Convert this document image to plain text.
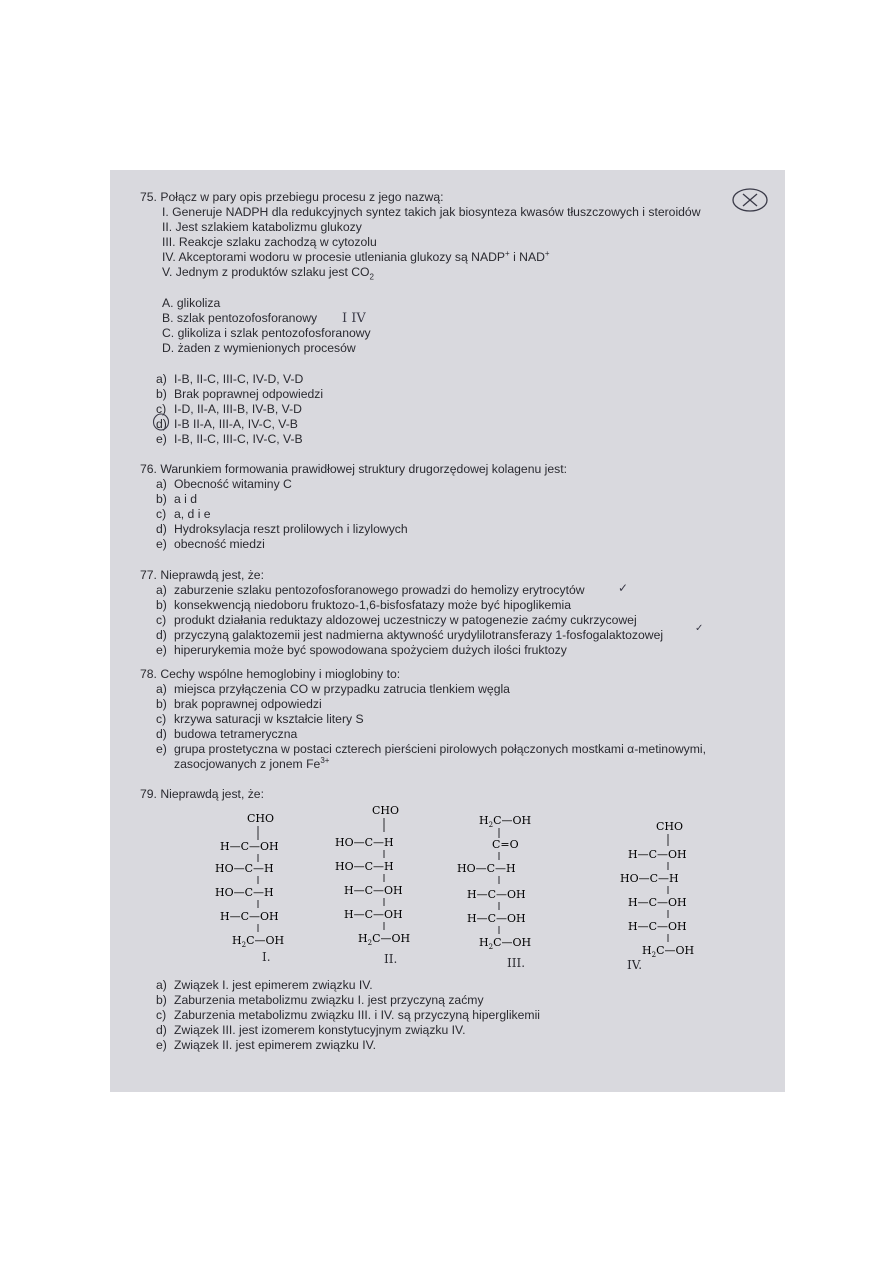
75. Połącz w pary opis przebiegu procesu z jego nazwą:
I. Generuje NADPH dla redukcyjnych syntez takich jak biosynteza kwasów tłuszczowych i steroidów
II. Jest szlakiem katabolizmu glukozy
III. Reakcje szlaku zachodzą w cytozolu
IV. Akceptorami wodoru w procesie utleniania glukozy są NADP+ i NAD+
V. Jednym z produktów szlaku jest $CO_2$
A. glikoliza
B. szlak pentozofosforanowy
C. glikoliza i szlak pentozofosforanowy
D. żaden z wymienionych procesów
a) I-B, II-C, III-C, IV-D, V-D
b) Brak poprawnej odpowiedzi
c) I-D, II-A, III-B, IV-B, V-D
d) I-B II-A, III-A, IV-C, V-B
e) I-B, II-C, III-C, IV-C, V-B
I IV
76. Warunkiem formowania prawidłowej struktury drugorzędowej kolagenu jest:
a) Obecność witaminy C
b) a i d
c) a, d i e
d) Hydroksylacja reszt prolilowych i lizylowych
e) obecność miedzi
77. Nieprawdą jest, że:
a) zaburzenie szlaku pentozofosforanowego prowadzi do hemolizy erytrocytów
b) konsekwencją niedoboru fruktozo-1,6-bisfosfatazy może być hipoglikemia
c) produkt działania reduktazy aldozowej uczestniczy w patogenezie zaćmy cukrzycowej
d) przyczyną galaktozemii jest nadmierna aktywność urydylilotransferazy 1-fosfogalaktozowej
e) hiperurykemia może być spowodowana spożyciem dużych ilości fruktozy
✓
✓
78. Cechy wspólne hemoglobiny i mioglobiny to:
a) miejsca przyłączenia CO w przypadku zatrucia tlenkiem węgla
b) brak poprawnej odpowiedzi
c) krzywa saturacji w kształcie litery S
d) budowa tetrameryczna
e) grupa prostetyczna w postaci czterech pierścieni pirolowych połączonych mostkami α-metinowymi, zasocjowanych z jonem $Fe^{3+}$
79. Nieprawdą jest, że:
CHO
H—C—OH
HO—C—H
HO—C—H
H—C—OH
$H_2C—OH$
I.
CHO
HO—C—H
HO—C—H
H—C—OH
H—C—OH
$H_2C—OH$
II.
$H_2C—OH$
C=O
HO—C—H
H—C—OH
H—C—OH
$H_2C—OH$
III.
CHO
H—C—OH
HO—C—H
H—C—OH
H—C—OH
$H_2C—OH$
IV.
a) Związek I. jest epimerem związku IV.
b) Zaburzenia metabolizmu związku I. jest przyczyną zaćmy
c) Zaburzenia metabolizmu związku III. i IV. są przyczyną hiperglikemii
d) Związek III. jest izomerem konstytucyjnym związku IV.
e) Związek II. jest epimerem związku IV.
